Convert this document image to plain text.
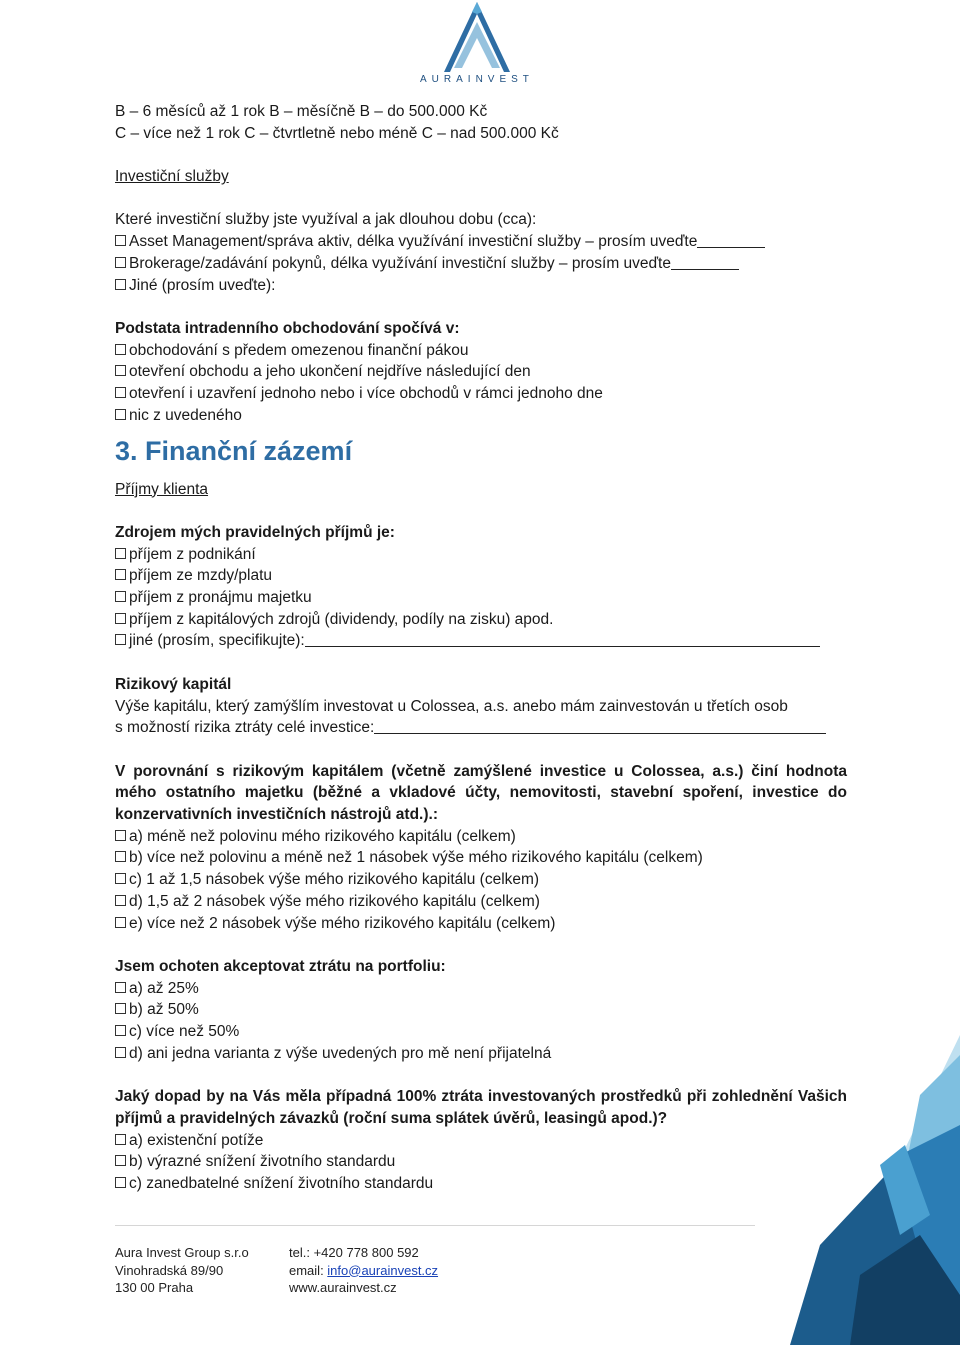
AURAINVEST

B – 6 měsíců až 1 rok B – měsíčně B – do 500.000 Kč

C – více než 1 rok C – čtvrtletně nebo méně C – nad 500.000 Kč

Investiční služby

Které investiční služby jste využíval a jak dlouhou dobu (cca):

Asset Management/správa aktiv, délka využívání investiční služby – prosím uveďte

Brokerage/zadávání pokynů, délka využívání investiční služby – prosím uveďte

Jiné (prosím uveďte):

Podstata intradenního obchodování spočívá v:

obchodování s předem omezenou finanční pákou

otevření obchodu a jeho ukončení nejdříve následující den

otevření i uzavření jednoho nebo i více obchodů v rámci jednoho dne

nic z uvedeného

3. Finanční zázemí

Příjmy klienta

Zdrojem mých pravidelných příjmů je:

příjem z podnikání

příjem ze mzdy/platu

příjem z pronájmu majetku

příjem z kapitálových zdrojů (dividendy, podíly na zisku) apod.

jiné (prosím, specifikujte):

Rizikový kapitál

Výše kapitálu, který zamýšlím investovat u Colossea, a.s. anebo mám zainvestován u třetích osob

s možností rizika ztráty celé investice:

V porovnání s rizikovým kapitálem (včetně zamýšlené investice u Colossea, a.s.) činí hodnota mého ostatního majetku (běžné a vkladové účty, nemovitosti, stavební spoření, investice do konzervativních investičních nástrojů atd.).:

a) méně než polovinu mého rizikového kapitálu (celkem)

b) více než polovinu a méně než 1 násobek výše mého rizikového kapitálu (celkem)

c) 1 až 1,5 násobek výše mého rizikového kapitálu (celkem)

d) 1,5 až 2 násobek výše mého rizikového kapitálu (celkem)

e) více než 2 násobek výše mého rizikového kapitálu (celkem)

Jsem ochoten akceptovat ztrátu na portfoliu:

a) až 25%

b) až 50%

c) více než 50%

d) ani jedna varianta z výše uvedených pro mě není přijatelná

Jaký dopad by na Vás měla případná 100% ztráta investovaných prostředků při zohlednění Vašich příjmů a pravidelných závazků (roční suma splátek úvěrů, leasingů apod.)?

a) existenční potíže

b) výrazné snížení životního standardu

c) zanedbatelné snížení životního standardu

Aura Invest Group s.r.o
Vinohradská 89/90
130 00 Praha
tel.: +420 778 800 592
email: info@aurainvest.cz
www.aurainvest.cz
